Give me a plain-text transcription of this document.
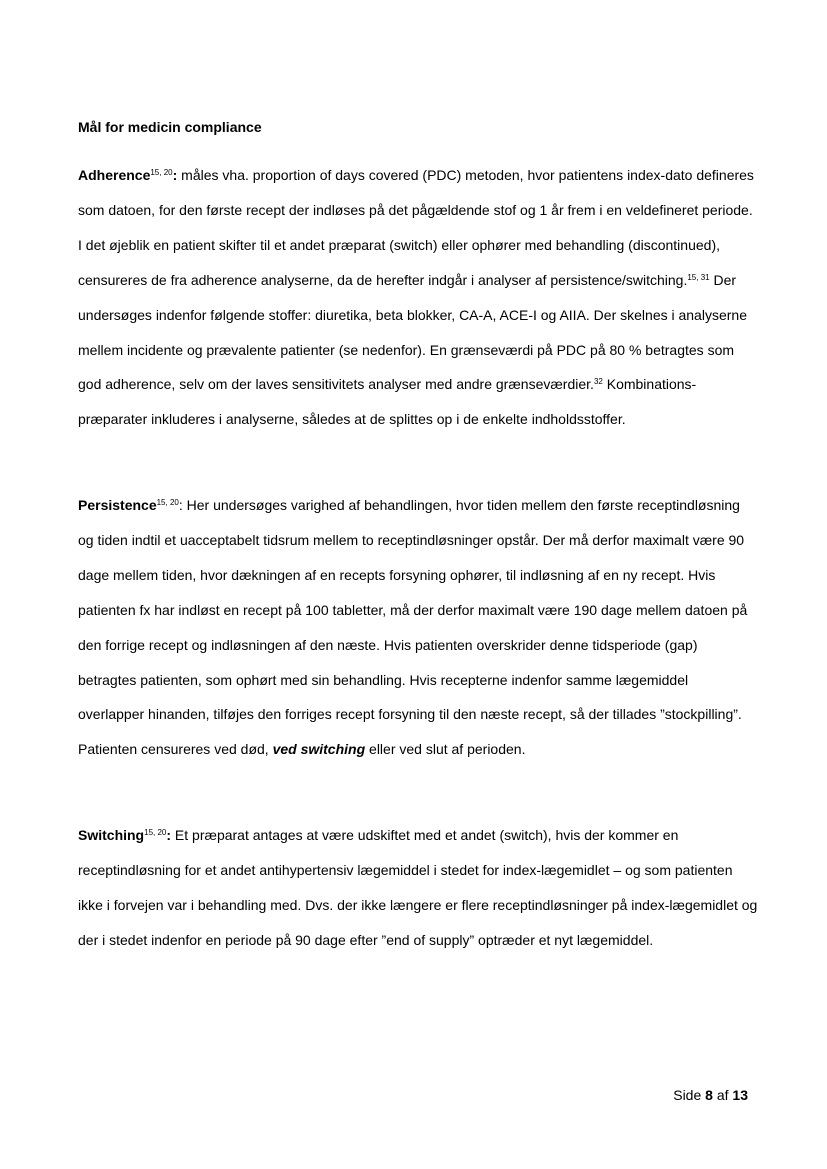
Mål for medicin compliance

Adherence$^{15, 20}$: måles vha. proportion of days covered (PDC) metoden, hvor patientens index-dato defineres som datoen, for den første recept der indløses på det pågældende stof og 1 år frem i en veldefineret periode. I det øjeblik en patient skifter til et andet præparat (switch) eller ophører med behandling (discontinued), censureres de fra adherence analyserne, da de herefter indgår i analyser af persistence/switching.$^{15, 31}$ Der undersøges indenfor følgende stoffer: diuretika, beta blokker, CA-A, ACE-I og AIIA. Der skelnes i analyserne mellem incidente og prævalente patienter (se nedenfor). En grænseværdi på PDC på 80 % betragtes som god adherence, selv om der laves sensitivitets analyser med andre grænseværdier.$^{32}$ Kombinations-præparater inkluderes i analyserne, således at de splittes op i de enkelte indholdsstoffer.

Persistence$^{15, 20}$: Her undersøges varighed af behandlingen, hvor tiden mellem den første receptindløsning og tiden indtil et uacceptabelt tidsrum mellem to receptindløsninger opstår. Der må derfor maximalt være 90 dage mellem tiden, hvor dækningen af en recepts forsyning ophører, til indløsning af en ny recept. Hvis patienten fx har indløst en recept på 100 tabletter, må der derfor maximalt være 190 dage mellem datoen på den forrige recept og indløsningen af den næste. Hvis patienten overskrider denne tidsperiode (gap) betragtes patienten, som ophørt med sin behandling. Hvis recepterne indenfor samme lægemiddel overlapper hinanden, tilføjes den forriges recept forsyning til den næste recept, så der tillades ”stockpilling”. Patienten censureres ved død, ved switching eller ved slut af perioden.

Switching$^{15, 20}$: Et præparat antages at være udskiftet med et andet (switch), hvis der kommer en receptindløsning for et andet antihypertensiv lægemiddel i stedet for index-lægemidlet – og som patienten ikke i forvejen var i behandling med. Dvs. der ikke længere er flere receptindløsninger på index-lægemidlet og der i stedet indenfor en periode på 90 dage efter ”end of supply” optræder et nyt lægemiddel.

Side 8 af 13
